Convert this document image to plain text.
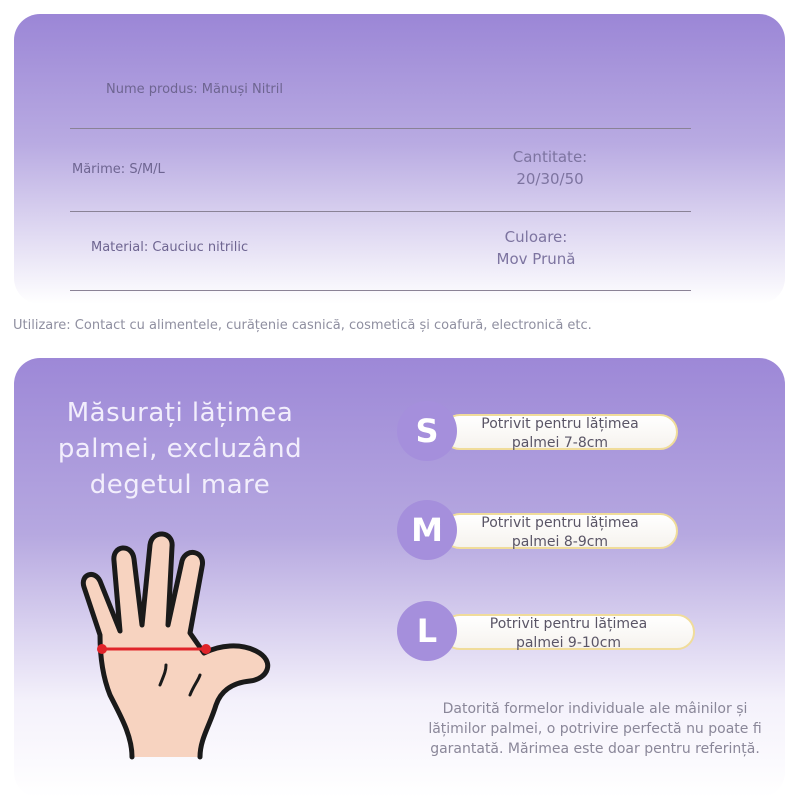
Nume produs: Mănuși Nitril
Mărime: S/M/L
Cantitate:
20/30/50
Material: Cauciuc nitrilic
Culoare:
Mov Prună
Utilizare: Contact cu alimentele, curățenie casnică, cosmetică și coafură, electronică etc.
Măsurați lățimea
palmei, excluzând
degetul mare
Potrivit pentru lățimea
palmei 7-8cm
S
Potrivit pentru lățimea
palmei 8-9cm
M
Potrivit pentru lățimea
palmei 9-10cm
L
Datorită formelor individuale ale mâinilor și
lățimilor palmei, o potrivire perfectă nu poate fi
garantată. Mărimea este doar pentru referință.
